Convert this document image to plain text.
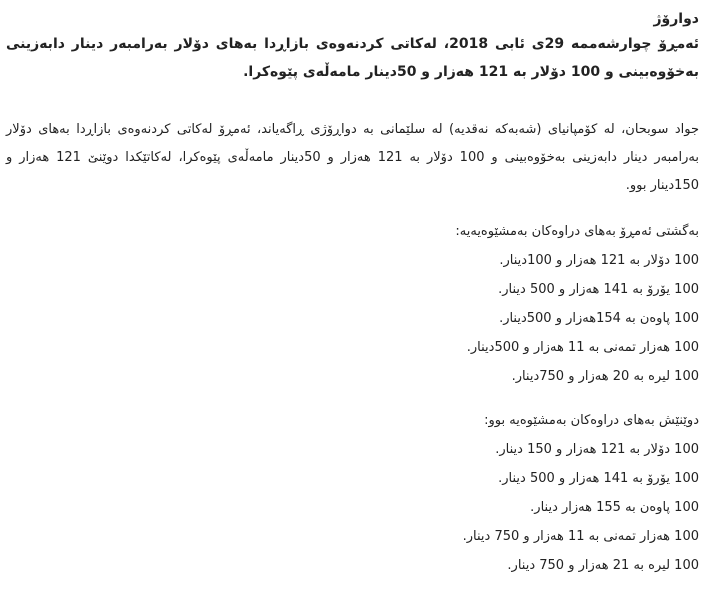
دوارۆژ

ئەمڕۆ چوارشەممە 29ی ئابی 2018، لەکاتی کردنەوەی بازاڕدا بەهای دۆلار بەرامبەر دینار دابەزینی بەخۆوەبینی و 100 دۆلار بە 121 هەزار و 50دینار مامەڵەی پێوەکرا.

جواد سوبحان، لە کۆمپانیای (شەبەکە نەقدیە) لە سلێمانی بە دواڕۆژی ڕاگەیاند، ئەمڕۆ لەکاتی کردنەوەی بازاڕدا بەهای دۆلار بەرامبەر دینار دابەزینی بەخۆوەبینی و 100 دۆلار بە 121 هەزار و 50دینار مامەڵەی پێوەکرا، لەکاتێکدا دوێنێ 121 هەزار و 150دینار بوو.

بەگشتی ئەمڕۆ بەهای دراوەکان بەمشێوەیەیە:

100 دۆلار بە 121 هەزار و 100دینار.
100 یۆرۆ بە 141 هەزار و 500 دینار.
100 پاوەن بە 154هەزار و 500دینار.
100 هەزار تمەنی بە 11 هەزار و 500دینار.
100 لیرە بە 20 هەزار و 750دینار.

دوێنێش بەهای دراوەکان بەمشێوەیە بوو:

100 دۆلار بە 121 هەزار و 150 دینار.
100 یۆرۆ بە 141 هەزار و 500 دینار.
100 پاوەن بە 155 هەزار دینار.
100 هەزار تمەنی بە 11 هەزار و 750 دینار.
100 لیرە بە 21 هەزار و 750 دینار.
